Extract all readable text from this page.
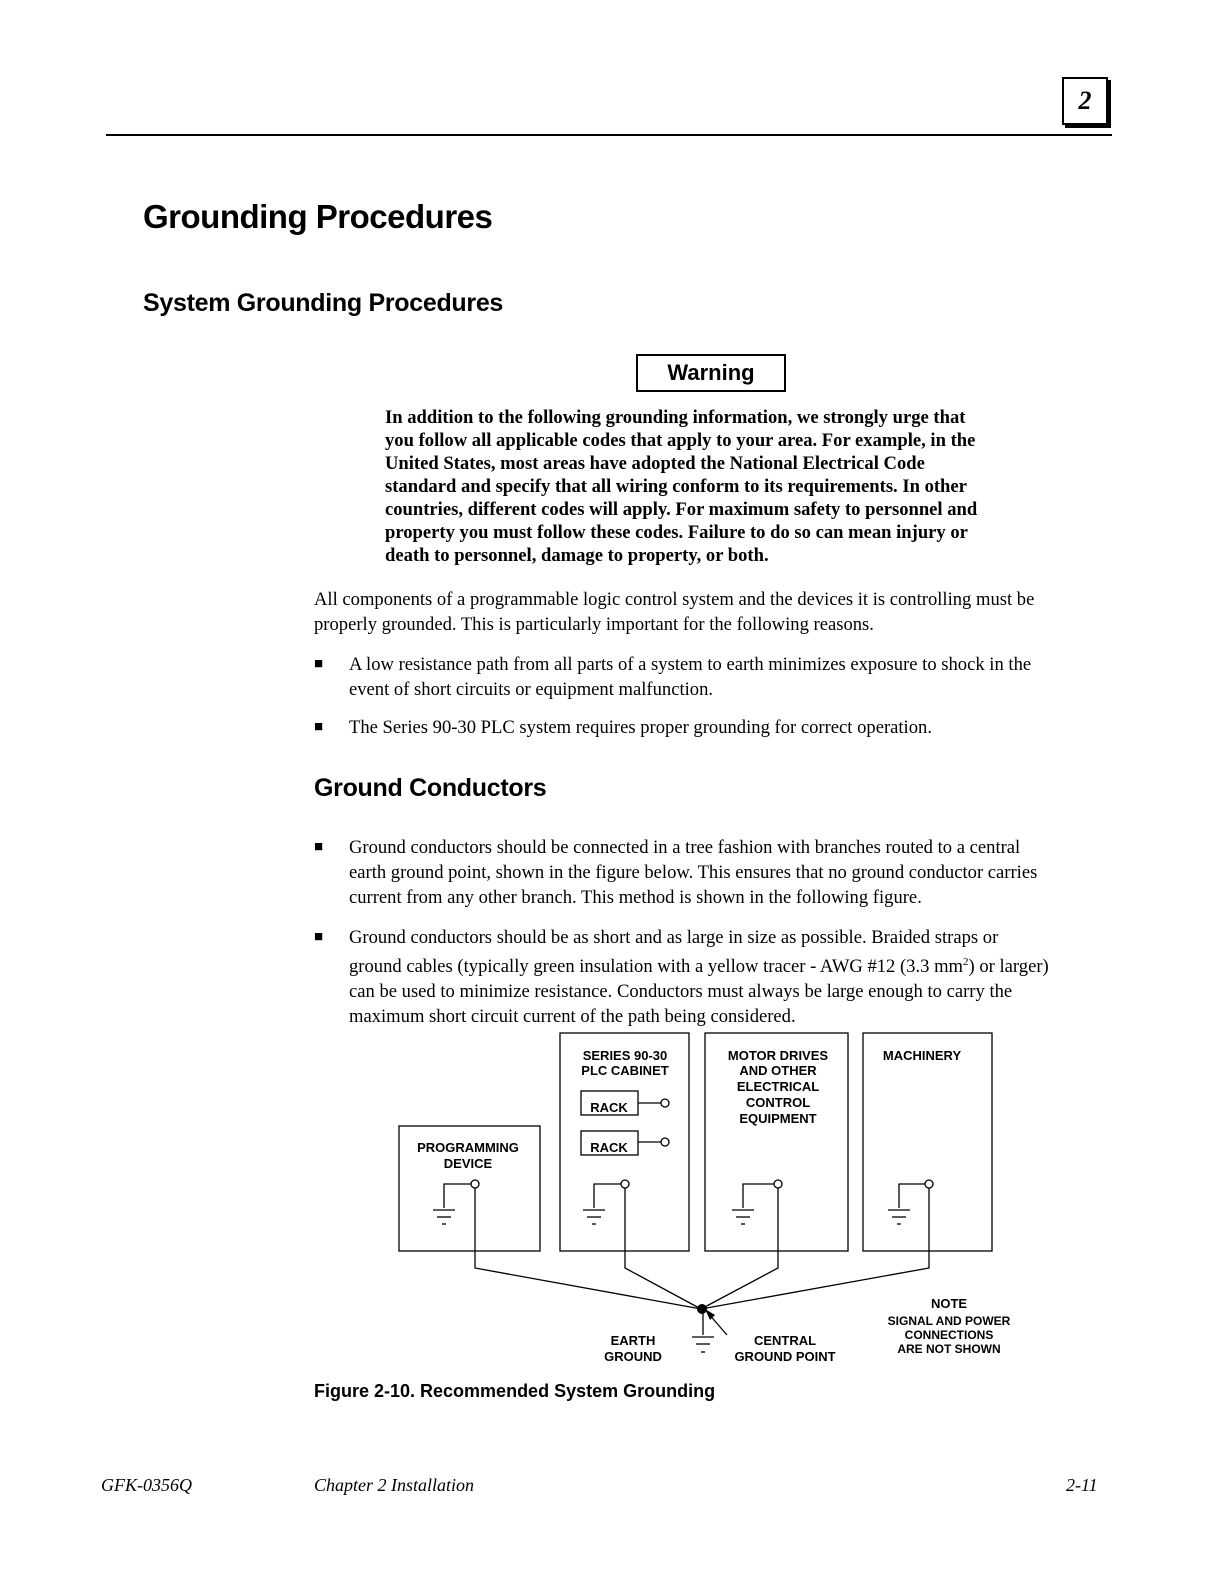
2
Grounding Procedures
System Grounding Procedures
Warning
In addition to the following grounding information, we strongly urge that
you follow all applicable codes that apply to your area. For example, in the
United States, most areas have adopted the National Electrical Code
standard and specify that all wiring conform to its requirements. In other
countries, different codes will apply. For maximum safety to personnel and
property you must follow these codes. Failure to do so can mean injury or
death to personnel, damage to property, or both.
All components of a programmable logic control system and the devices it is controlling must be
properly grounded. This is particularly important for the following reasons.
■ A low resistance path from all parts of a system to earth minimizes exposure to shock in the
event of short circuits or equipment malfunction.
■ The Series 90-30 PLC system requires proper grounding for correct operation.
Ground Conductors
■ Ground conductors should be connected in a tree fashion with branches routed to a central
earth ground point, shown in the figure below. This ensures that no ground conductor carries
current from any other branch. This method is shown in the following figure.
■ Ground conductors should be as short and as large in size as possible. Braided straps or
ground cables (typically green insulation with a yellow tracer - AWG #12 (3.3 $mm^2$) or larger)
can be used to minimize resistance. Conductors must always be large enough to carry the
maximum short circuit current of the path being considered.
PROGRAMMING
DEVICE
SERIES 90-30
PLC CABINET
RACK
RACK
MOTOR DRIVES
AND OTHER
ELECTRICAL
CONTROL
EQUIPMENT
MACHINERY
EARTH
GROUND
CENTRAL
GROUND POINT
NOTE
SIGNAL AND POWER
CONNECTIONS
ARE NOT SHOWN
Figure 2-10. Recommended System Grounding
GFK-0356Q	Chapter 2 Installation	2-11
